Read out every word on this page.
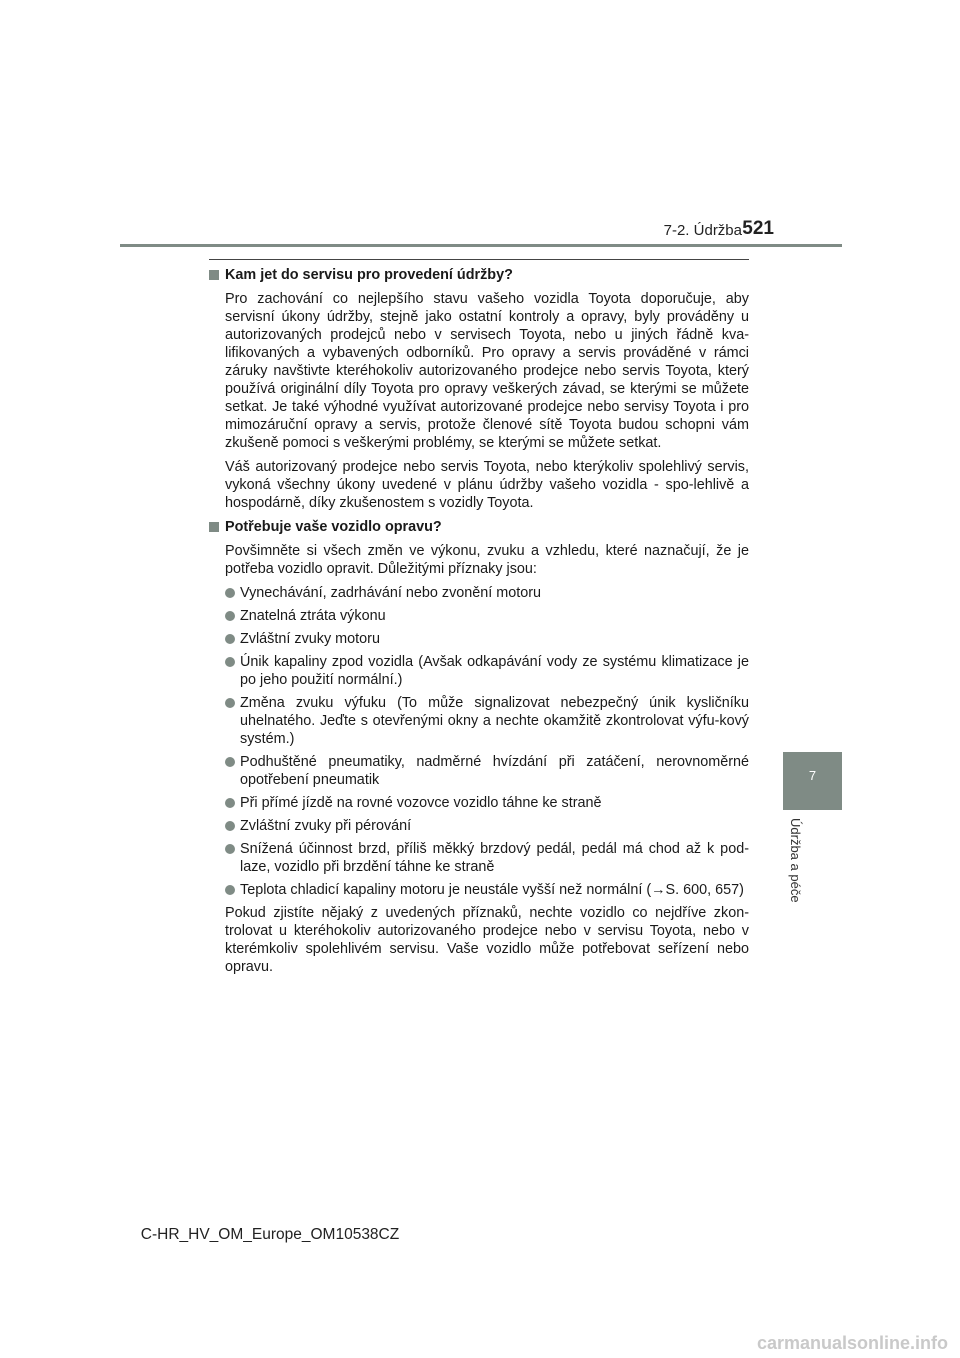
7-2. Údržba 521
7
Údržba a péče
Kam jet do servisu pro provedení údržby?
Pro zachování co nejlepšího stavu vašeho vozidla Toyota doporučuje, aby servisní úkony údržby, stejně jako ostatní kontroly a opravy, byly prováděny u autorizovaných prodejců nebo v servisech Toyota, nebo u jiných řádně kva-lifikovaných a vybavených odborníků. Pro opravy a servis prováděné v rámci záruky navštivte kteréhokoliv autorizovaného prodejce nebo servis Toyota, který používá originální díly Toyota pro opravy veškerých závad, se kterými se můžete setkat. Je také výhodné využívat autorizované prodejce nebo servisy Toyota i pro mimozáruční opravy a servis, protože členové sítě Toyota budou schopni vám zkušeně pomoci s veškerými problémy, se kterými se můžete setkat.
Váš autorizovaný prodejce nebo servis Toyota, nebo kterýkoliv spolehlivý servis, vykoná všechny úkony uvedené v plánu údržby vašeho vozidla - spo-lehlivě a hospodárně, díky zkušenostem s vozidly Toyota.
Potřebuje vaše vozidlo opravu?
Povšimněte si všech změn ve výkonu, zvuku a vzhledu, které naznačují, že je potřeba vozidlo opravit. Důležitými příznaky jsou:
Vynechávání, zadrhávání nebo zvonění motoru
Znatelná ztráta výkonu
Zvláštní zvuky motoru
Únik kapaliny zpod vozidla (Avšak odkapávání vody ze systému klimatizace je po jeho použití normální.)
Změna zvuku výfuku (To může signalizovat nebezpečný únik kysličníku uhelnatého. Jeďte s otevřenými okny a nechte okamžitě zkontrolovat výfu-kový systém.)
Podhuštěné pneumatiky, nadměrné hvízdání při zatáčení, nerovnoměrné opotřebení pneumatik
Při přímé jízdě na rovné vozovce vozidlo táhne ke straně
Zvláštní zvuky při pérování
Snížená účinnost brzd, příliš měkký brzdový pedál, pedál má chod až k pod-laze, vozidlo při brzdění táhne ke straně
Teplota chladicí kapaliny motoru je neustále vyšší než normální (→S. 600, 657)
Pokud zjistíte nějaký z uvedených příznaků, nechte vozidlo co nejdříve zkon-trolovat u kteréhokoliv autorizovaného prodejce nebo v servisu Toyota, nebo v kterémkoliv spolehlivém servisu. Vaše vozidlo může potřebovat seřízení nebo opravu.
C-HR_HV_OM_Europe_OM10538CZ
carmanualsonline.info
